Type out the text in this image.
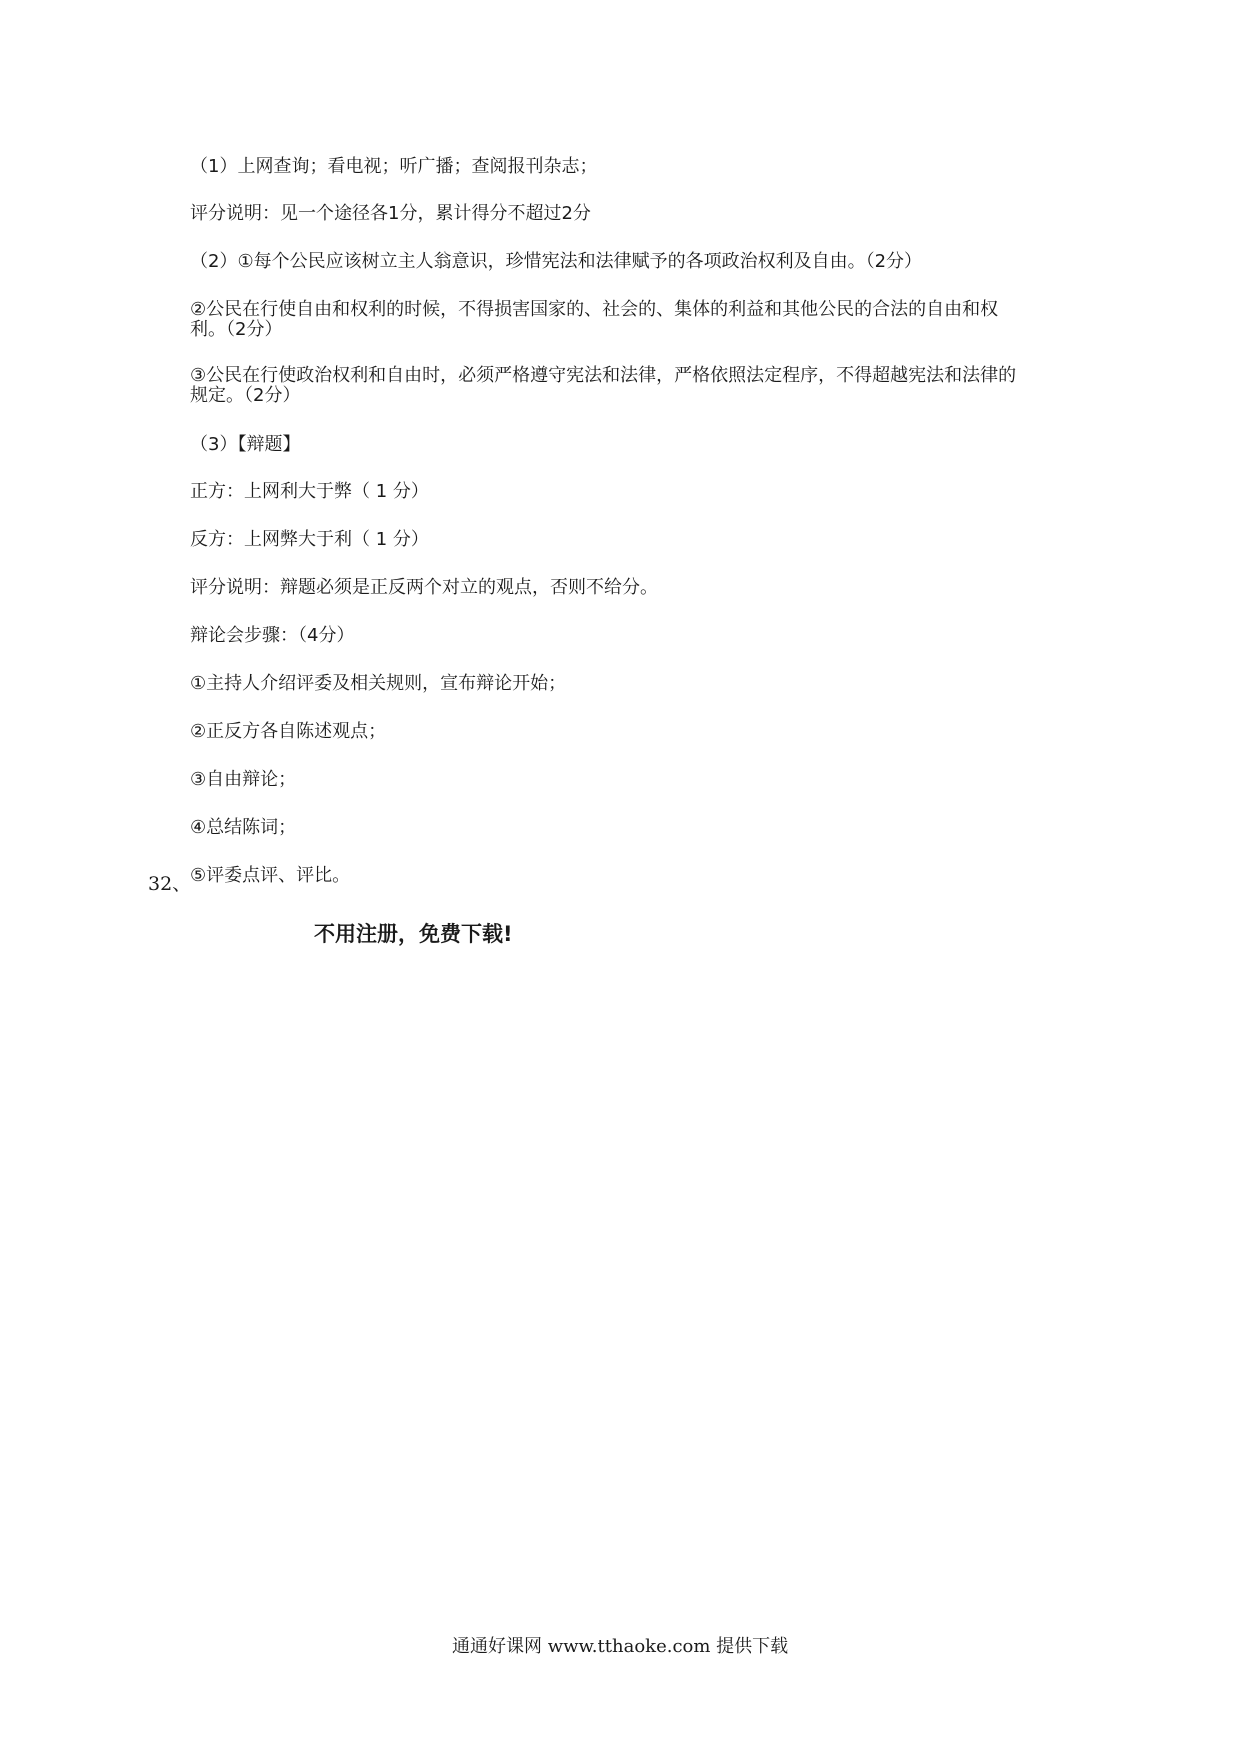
（1）上网查询；看电视；听广播；查阅报刊杂志；
评分说明：见一个途径各1分，累计得分不超过2分
（2）①每个公民应该树立主人翁意识，珍惜宪法和法律赋予的各项政治权利及自由。（2分）
②公民在行使自由和权利的时候，不得损害国家的、社会的、集体的利益和其他公民的合法的自由和权利。（2分）
③公民在行使政治权利和自由时，必须严格遵守宪法和法律，严格依照法定程序，不得超越宪法和法律的规定。（2分）
（3）【辩题】
正方：上网利大于弊（ 1 分）
反方：上网弊大于利（ 1 分）
评分说明：辩题必须是正反两个对立的观点，否则不给分。
辩论会步骤：（4分）
①主持人介绍评委及相关规则，宣布辩论开始；
②正反方各自陈述观点；
③自由辩论；
④总结陈词；
⑤评委点评、评比。
32、
不用注册，免费下载!
通通好课网 www.tthaoke.com 提供下载
